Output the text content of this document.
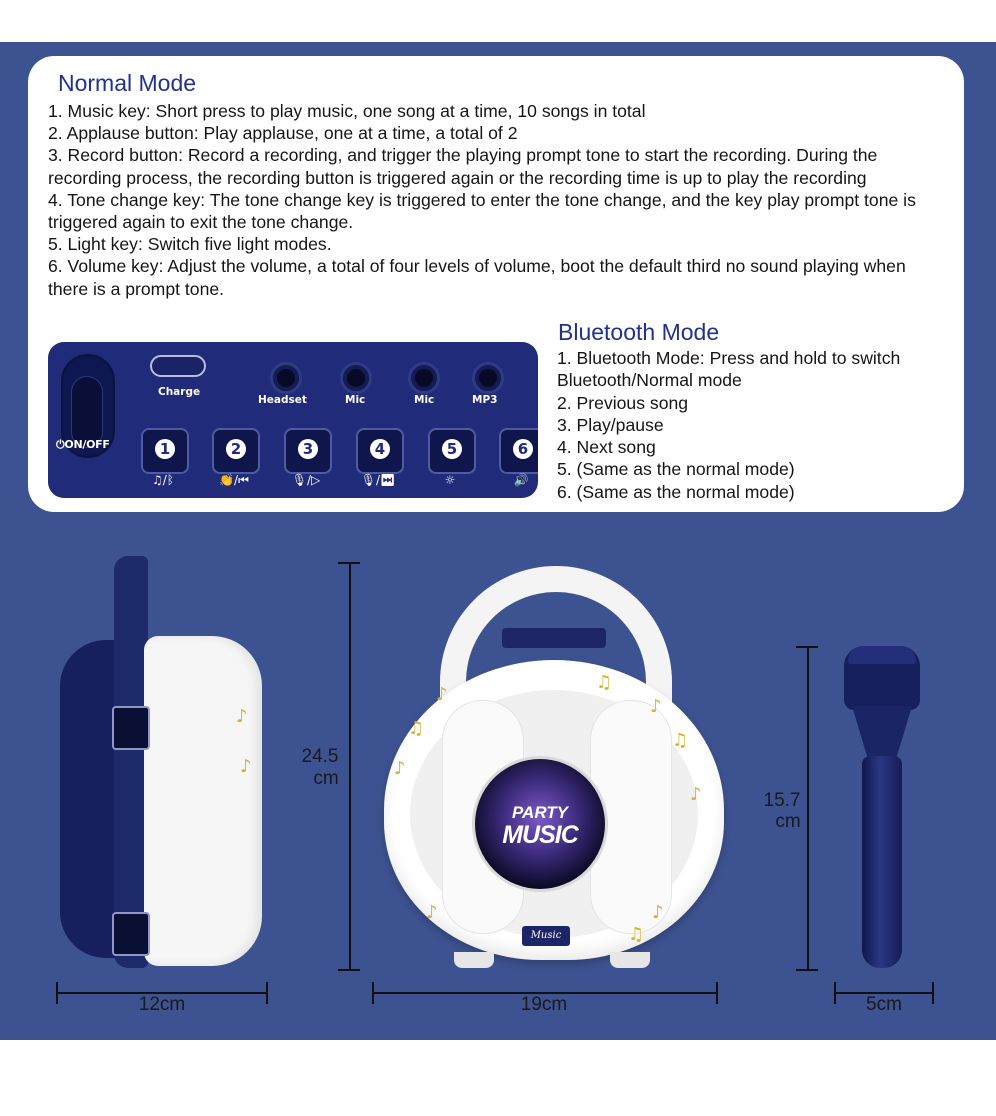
Normal Mode

1. Music key: Short press to play music, one song at a time, 10 songs in total

2. Applause button: Play applause, one at a time, a total of 2

3. Record button: Record a recording, and trigger the playing prompt tone to start the recording. During the recording process, the recording button is triggered again or the recording time is up to play the recording

4. Tone change key: The tone change key is triggered to enter the tone change, and the key play prompt tone is triggered again to exit the tone change.

5. Light key: Switch five light modes.

6. Volume key: Adjust the volume, a total of four levels of volume, boot the default third no sound playing when there is a prompt tone.

⏻ON/OFF
Charge
Headset	Mic	Mic	MP3
1	2	3	4	5	6
♫/ᛒ	👏/⏮	🎙/▷	🎙/⏭	☼	🔊
Bluetooth Mode

1. Bluetooth Mode: Press and hold to switch Bluetooth/Normal mode

2. Previous song

3. Play/pause

4. Next song

5. (Same as the normal mode)

6. (Same as the normal mode)

♪
♪
PARTY
MUSIC
Music
♪
♫
♪
♫
♪
♫
♪
♪
♫
♪
12cm
24.5
cm
19cm
15.7
cm
5cm
